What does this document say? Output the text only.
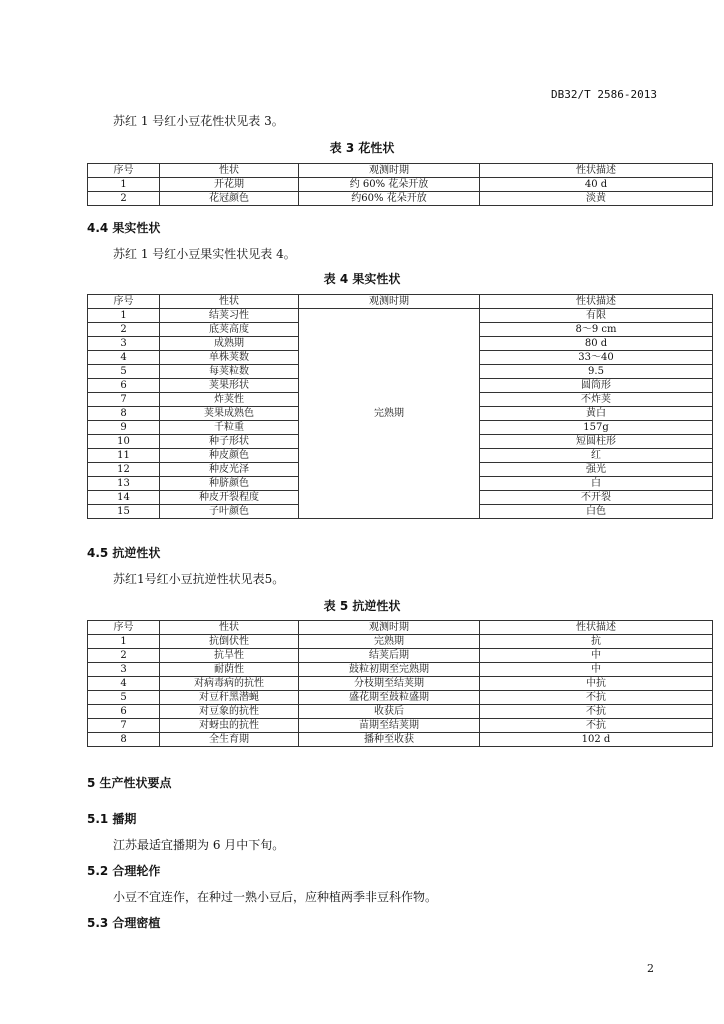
DB32/T 2586-2013
苏红 1 号红小豆花性状见表 3。
表 3 花性状
序号	性状	观测时期	性状描述
1	开花期	约 60% 花朵开放	40 d
2	花冠颜色	约60% 花朵开放	淡黄
4.4 果实性状
苏红 1 号红小豆果实性状见表 4。
表 4 果实性状
序号	性状	观测时期	性状描述
1	结荚习性	完熟期	有限
2	底荚高度		8～9 cm
3	成熟期		80 d
4	单株荚数		33～40
5	每荚粒数		9.5
6	荚果形状		圆筒形
7	炸荚性		不炸荚
8	荚果成熟色		黄白
9	千粒重		157g
10	种子形状		短圆柱形
11	种皮颜色		红
12	种皮光泽		强光
13	种脐颜色		白
14	种皮开裂程度		不开裂
15	子叶颜色		白色
4.5 抗逆性状
苏红1号红小豆抗逆性状见表5。
表 5 抗逆性状
序号	性状	观测时期	性状描述
1	抗倒伏性	完熟期	抗
2	抗旱性	结荚后期	中
3	耐荫性	鼓粒初期至完熟期	中
4	对病毒病的抗性	分枝期至结荚期	中抗
5	对豆秆黑潜蝇	盛花期至鼓粒盛期	不抗
6	对豆象的抗性	收获后	不抗
7	对蚜虫的抗性	苗期至结荚期	不抗
8	全生育期	播种至收获	102 d
5 生产性状要点
5.1 播期
江苏最适宜播期为 6 月中下旬。
5.2 合理轮作
小豆不宜连作，在种过一熟小豆后，应种植两季非豆科作物。
5.3 合理密植
2
